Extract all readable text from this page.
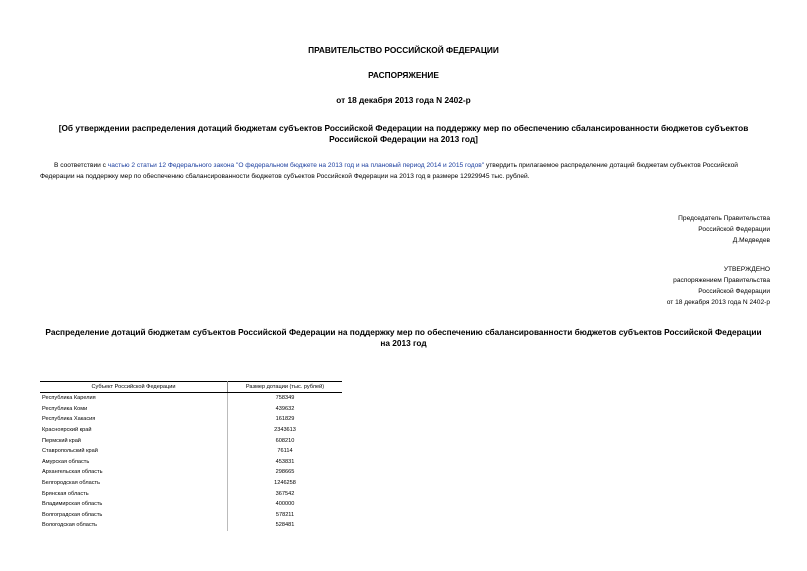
ПРАВИТЕЛЬСТВО РОССИЙСКОЙ ФЕДЕРАЦИИ
РАСПОРЯЖЕНИЕ
от 18 декабря 2013 года N 2402-р
[Об утверждении распределения дотаций бюджетам субъектов Российской Федерации на поддержку мер по обеспечению сбалансированности бюджетов субъектов Российской Федерации на 2013 год]
В соответствии с частью 2 статьи 12 Федерального закона "О федеральном бюджете на 2013 год и на плановый период 2014 и 2015 годов" утвердить прилагаемое распределение дотаций бюджетам субъектов Российской Федерации на поддержку мер по обеспечению сбалансированности бюджетов субъектов Российской Федерации на 2013 год в размере 12929945 тыс. рублей.
Председатель Правительства
Российской Федерации
Д.Медведев
УТВЕРЖДЕНО
распоряжением Правительства
Российской Федерации
от 18 декабря 2013 года N 2402-р
Распределение дотаций бюджетам субъектов Российской Федерации на поддержку мер по обеспечению сбалансированности бюджетов субъектов Российской Федерации на 2013 год
Субъект Российской Федерации	Размер дотации (тыс. рублей)
Республика Карелия	758349
Республика Коми	439632
Республика Хакасия	161829
Красноярский край	2343613
Пермский край	608210
Ставропольский край	76114
Амурская область	453831
Архангельская область	298665
Белгородская область	1246258
Брянская область	367542
Владимирская область	400000
Волгоградская область	578211
Вологодская область	528481
